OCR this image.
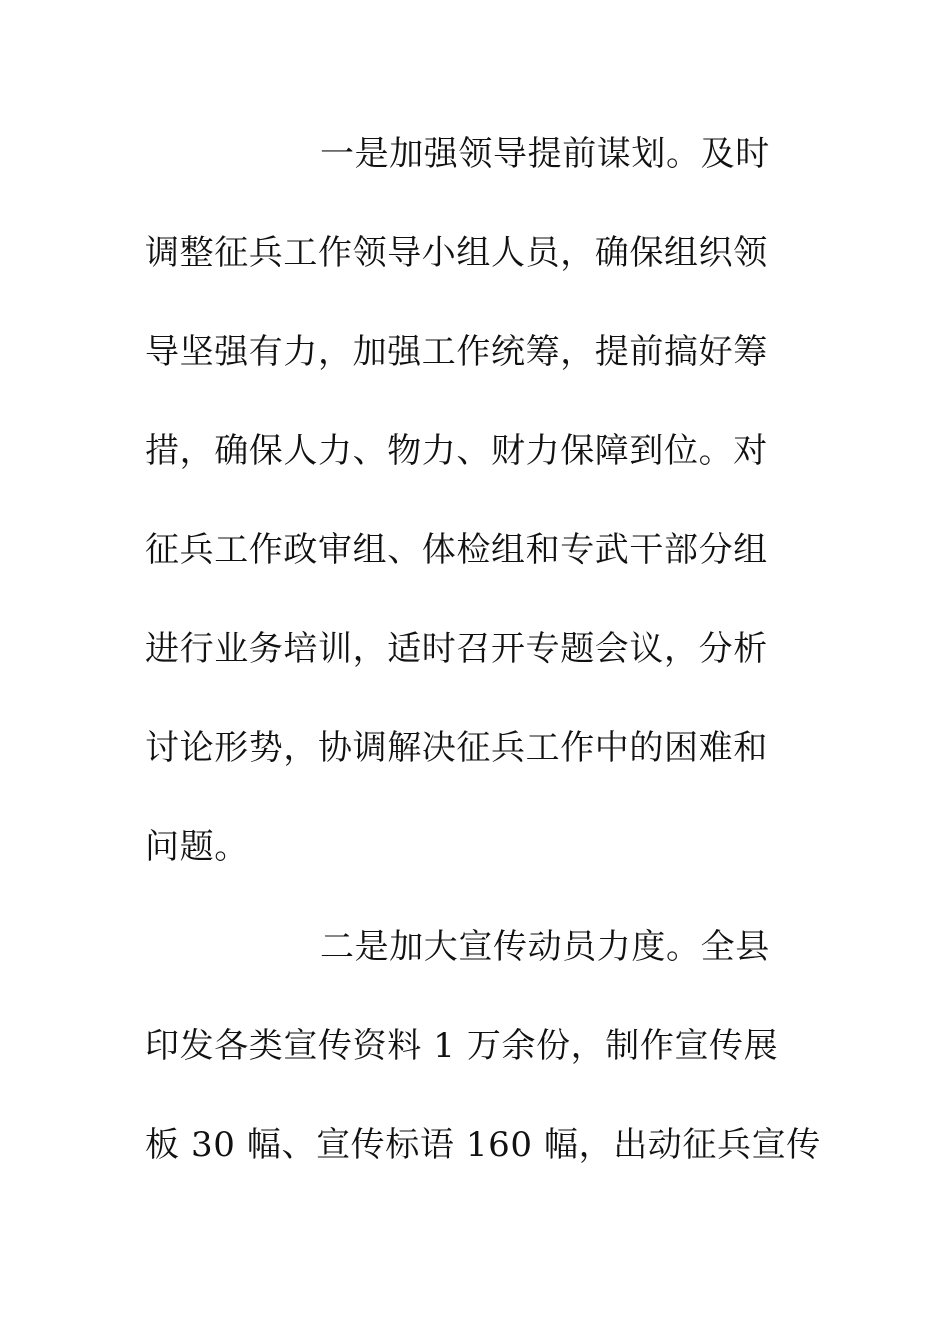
一是加强领导提前谋划。及时
调整征兵工作领导小组人员，确保组织领
导坚强有力，加强工作统筹，提前搞好筹
措，确保人力、物力、财力保障到位。对
征兵工作政审组、体检组和专武干部分组
进行业务培训，适时召开专题会议，分析
讨论形势，协调解决征兵工作中的困难和
问题。
二是加大宣传动员力度。全县
印发各类宣传资料 1 万余份，制作宣传展
板 30 幅、宣传标语 160 幅，出动征兵宣传
